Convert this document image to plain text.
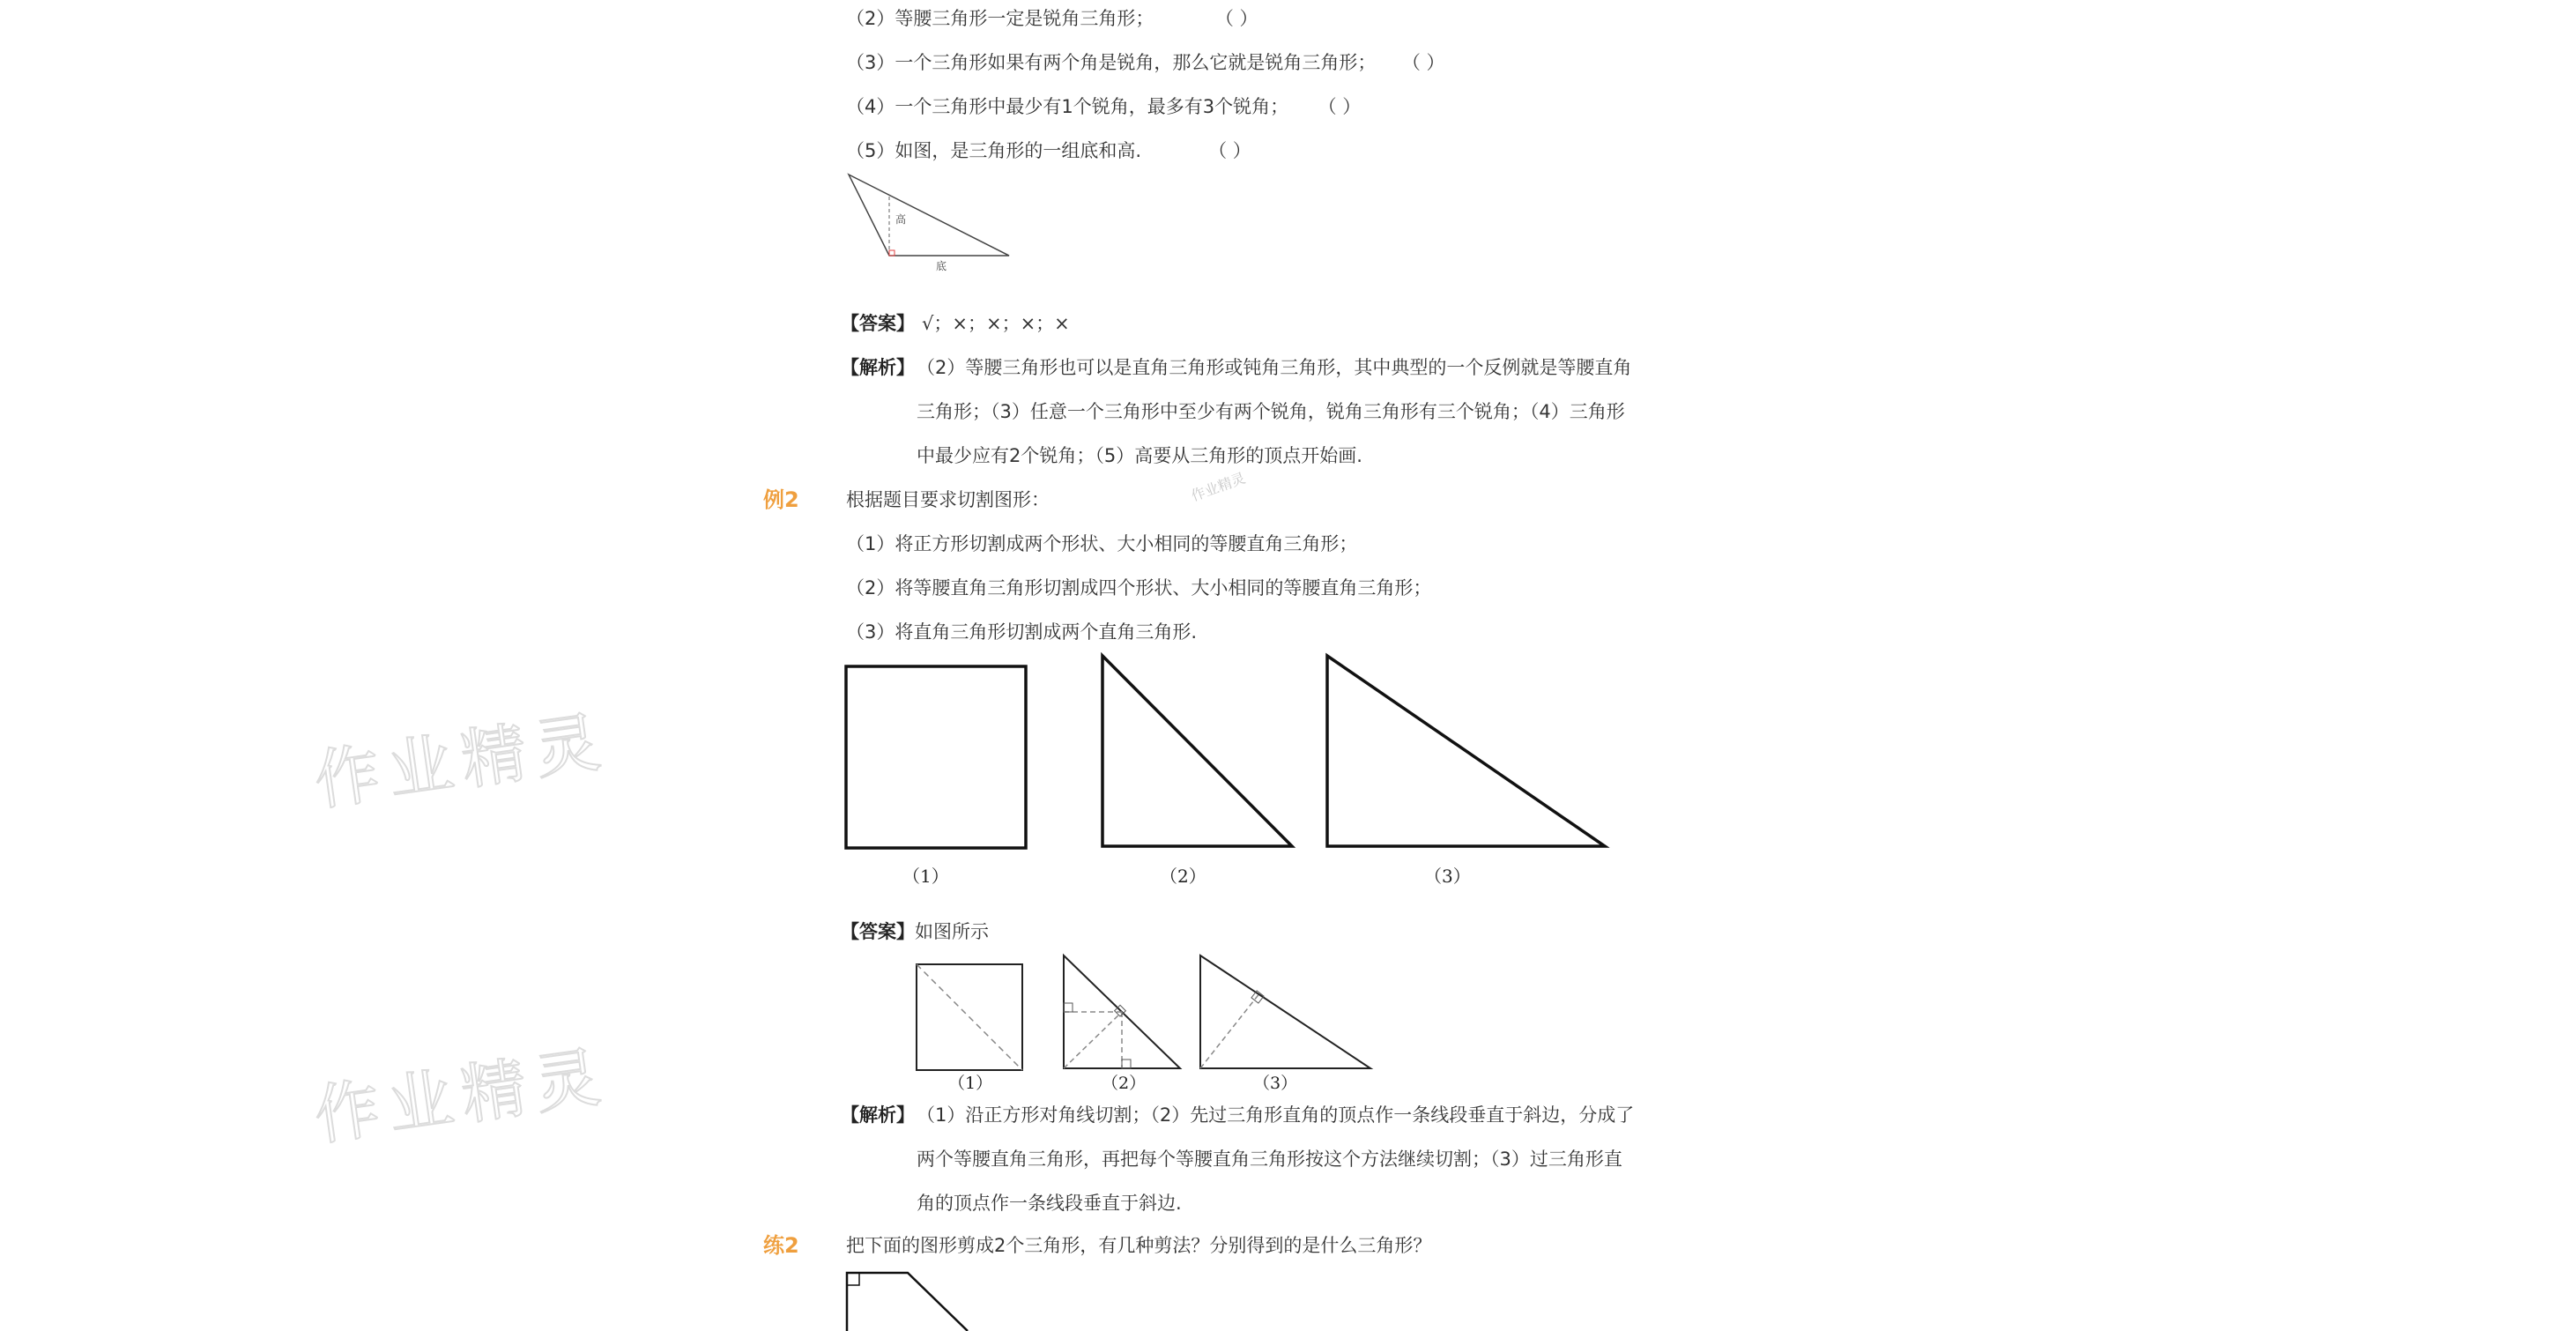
作业精灵
作业精灵
作业精灵
（2）等腰三角形一定是锐角三角形；	（ ）
（3）一个三角形如果有两个角是锐角，那么它就是锐角三角形； （ ）
（4）一个三角形中最少有1个锐角，最多有3个锐角； （ ）
（5）如图，是三角形的一组底和高.	（ ）
高
底
【答案】 √；×；×；×；×
【解析】 （2）等腰三角形也可以是直角三角形或钝角三角形，其中典型的一个反例就是等腰直角
三角形；（3）任意一个三角形中至少有两个锐角，锐角三角形有三个锐角；（4）三角形
中最少应有2个锐角；（5）高要从三角形的顶点开始画.
例2	根据题目要求切割图形：
（1）将正方形切割成两个形状、大小相同的等腰直角三角形；
（2）将等腰直角三角形切割成四个形状、大小相同的等腰直角三角形；
（3）将直角三角形切割成两个直角三角形.
（1）	（2）	（3）
【答案】如图所示
（1）	（2）	（3）
【解析】 （1）沿正方形对角线切割；（2）先过三角形直角的顶点作一条线段垂直于斜边，分成了
两个等腰直角三角形，再把每个等腰直角三角形按这个方法继续切割；（3）过三角形直
角的顶点作一条线段垂直于斜边.
练2	把下面的图形剪成2个三角形，有几种剪法？分别得到的是什么三角形？
